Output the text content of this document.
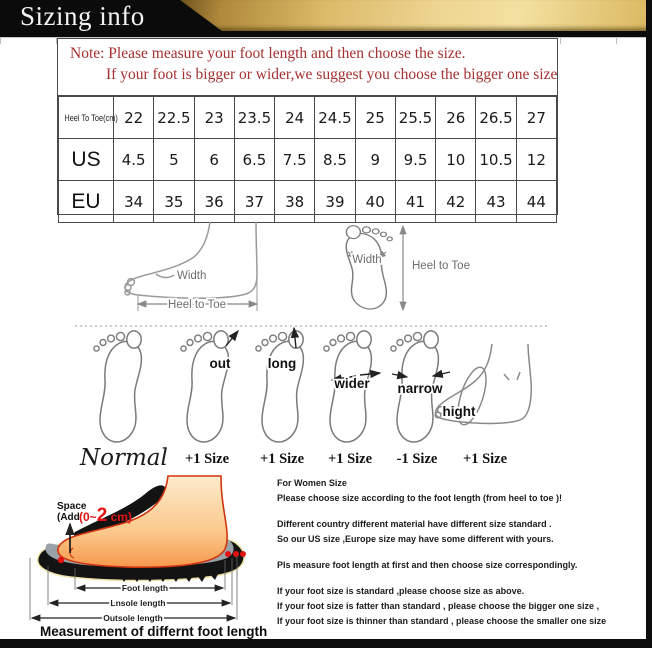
Sizing info
Note: Please measure your foot length and then choose the size.
If your foot is bigger or wider,we suggest you choose the bigger one size
Heel To Toe(cm)	22	22.5	23	23.5	24	24.5	25	25.5	26	26.5	27
US	4.5	5	6	6.5	7.5	8.5	9	9.5	10	10.5	12
EU	34	35	36	37	38	39	40	41	42	43	44
Width
Heel to Toe
Width	Heel to Toe
out	long
wider narrow
hight
Normal +1 Size +1 Size +1 Size -1 Size +1 Size
Space
(Add (0~2 cm)
Foot length
Lnsole length
Outsole length
Measurement of differnt foot length

For Women Size

Please choose size according to the foot length (from heel to toe )!

Different country different material have different size standard .

So our US size ,Europe size may have some different with yours.

Pls measure foot length at first and then choose size correspondingly.

If your foot size is standard ,please choose size as above.

If your foot size is fatter than standard , please choose the bigger one size ,

If your foot size is thinner than standard , please choose the smaller one size
